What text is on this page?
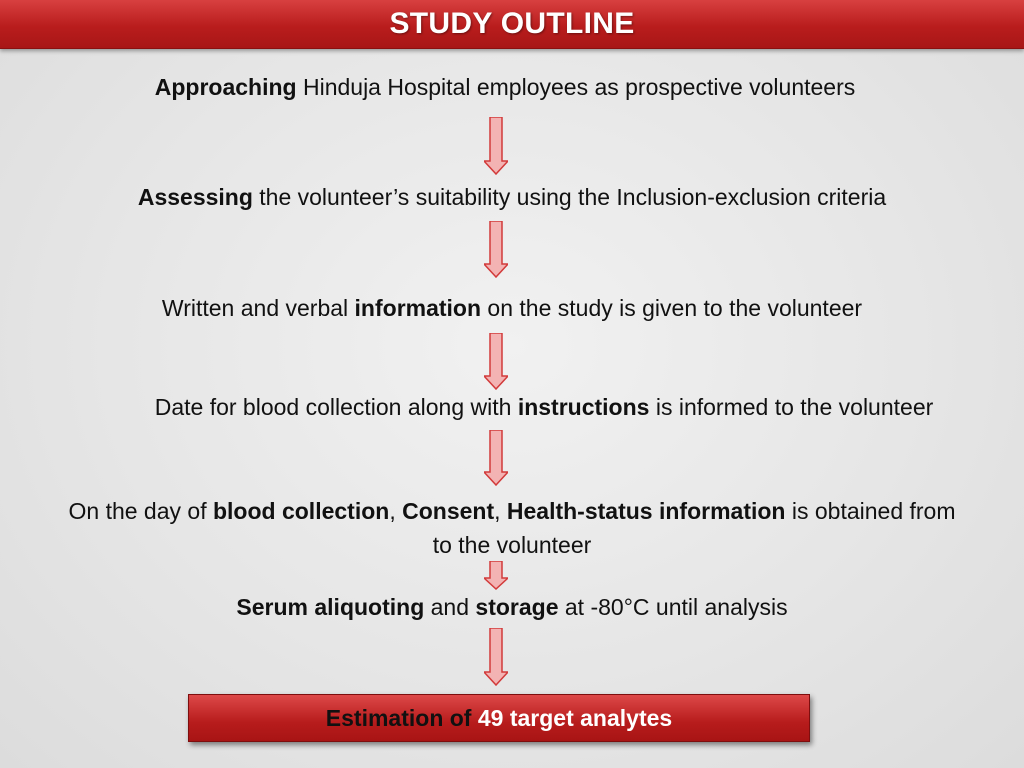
STUDY OUTLINE
Approaching Hinduja Hospital employees as prospective volunteers
Assessing the volunteer’s suitability using the Inclusion-exclusion criteria
Written and verbal information on the study is given to the volunteer
Date for blood collection along with instructions is informed to the volunteer
On the day of blood collection, Consent, Health-status information is obtained from
to the volunteer
Serum aliquoting and storage at -80°C until analysis
Estimation of 49 target analytes
